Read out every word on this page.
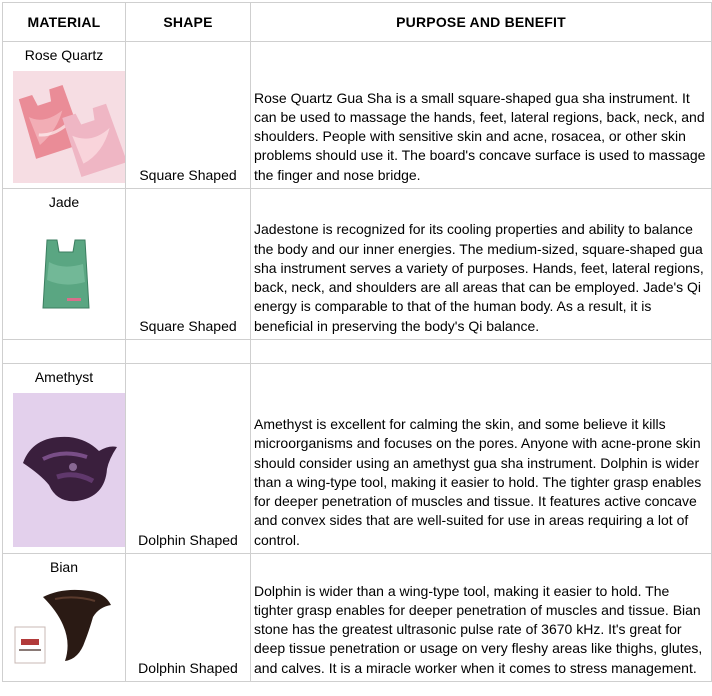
MATERIAL	SHAPE	PURPOSE AND BENEFIT

Rose Quartz	Square Shaped	Rose Quartz Gua Sha is a small square-shaped gua sha instrument. It can be used to massage the hands, feet, lateral regions, back, neck, and shoulders. People with sensitive skin and acne, rosacea, or other skin problems should use it. The board's concave surface is used to massage the finger and nose bridge.

Jade	Square Shaped	Jadestone is recognized for its cooling properties and ability to balance the body and our inner energies. The medium-sized, square-shaped gua sha instrument serves a variety of purposes. Hands, feet, lateral regions, back, neck, and shoulders are all areas that can be employed. Jade's Qi energy is comparable to that of the human body. As a result, it is beneficial in preserving the body's Qi balance.

Amethyst	Dolphin Shaped	Amethyst is excellent for calming the skin, and some believe it kills microorganisms and focuses on the pores. Anyone with acne-prone skin should consider using an amethyst gua sha instrument. Dolphin is wider than a wing-type tool, making it easier to hold. The tighter grasp enables for deeper penetration of muscles and tissue. It features active concave and convex sides that are well-suited for use in areas requiring a lot of control.

Bian	Dolphin Shaped	Dolphin is wider than a wing-type tool, making it easier to hold. The tighter grasp enables for deeper penetration of muscles and tissue. Bian stone has the greatest ultrasonic pulse rate of 3670 kHz. It's great for deep tissue penetration or usage on very fleshy areas like thighs, glutes, and calves. It is a miracle worker when it comes to stress management.
